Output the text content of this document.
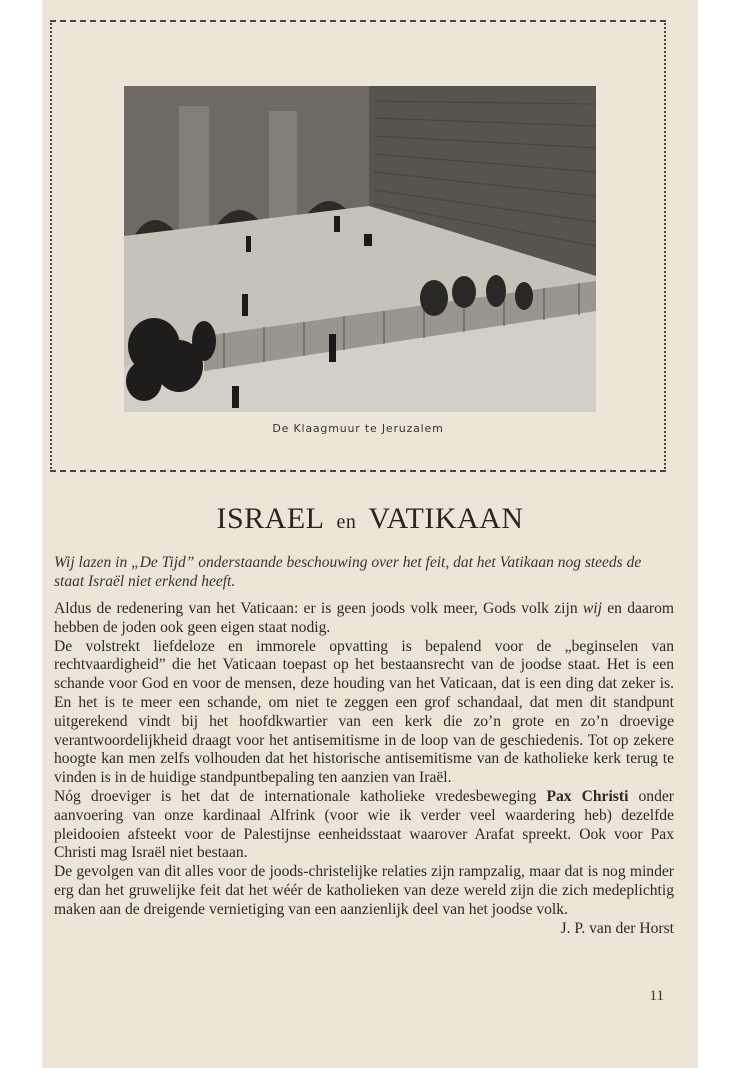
De Klaagmuur te Jeruzalem
ISRAEL en VATIKAAN
Wij lazen in „De Tijd” onderstaande beschouwing over het feit, dat het Vatikaan nog steeds de staat Israël niet erkend heeft.

Aldus de redenering van het Vaticaan: er is geen joods volk meer, Gods volk zijn wij en daarom hebben de joden ook geen eigen staat nodig.

De volstrekt liefdeloze en immorele opvatting is bepalend voor de „beginselen van rechtvaardigheid” die het Vaticaan toepast op het bestaansrecht van de joodse staat. Het is een schande voor God en voor de mensen, deze houding van het Vaticaan, dat is een ding dat zeker is. En het is te meer een schande, om niet te zeggen een grof schandaal, dat men dit standpunt uitgerekend vindt bij het hoofdkwartier van een kerk die zo’n grote en zo’n droevige verantwoordelijkheid draagt voor het antisemitisme in de loop van de geschiedenis. Tot op zekere hoogte kan men zelfs volhouden dat het historische antisemitisme van de katholieke kerk terug te vinden is in de huidige standpuntbepaling ten aanzien van Iraël.

Nóg droeviger is het dat de internationale katholieke vredesbeweging Pax Christi onder aanvoering van onze kardinaal Alfrink (voor wie ik verder veel waardering heb) dezelfde pleidooien afsteekt voor de Palestijnse eenheidsstaat waarover Arafat spreekt. Ook voor Pax Christi mag Israël niet bestaan.

De gevolgen van dit alles voor de joods-christelijke relaties zijn rampzalig, maar dat is nog minder erg dan het gruwelijke feit dat het wéér de katholieken van deze wereld zijn die zich medeplichtig maken aan de dreigende vernietiging van een aanzienlijk deel van het joodse volk.
J. P. van der Horst

11
